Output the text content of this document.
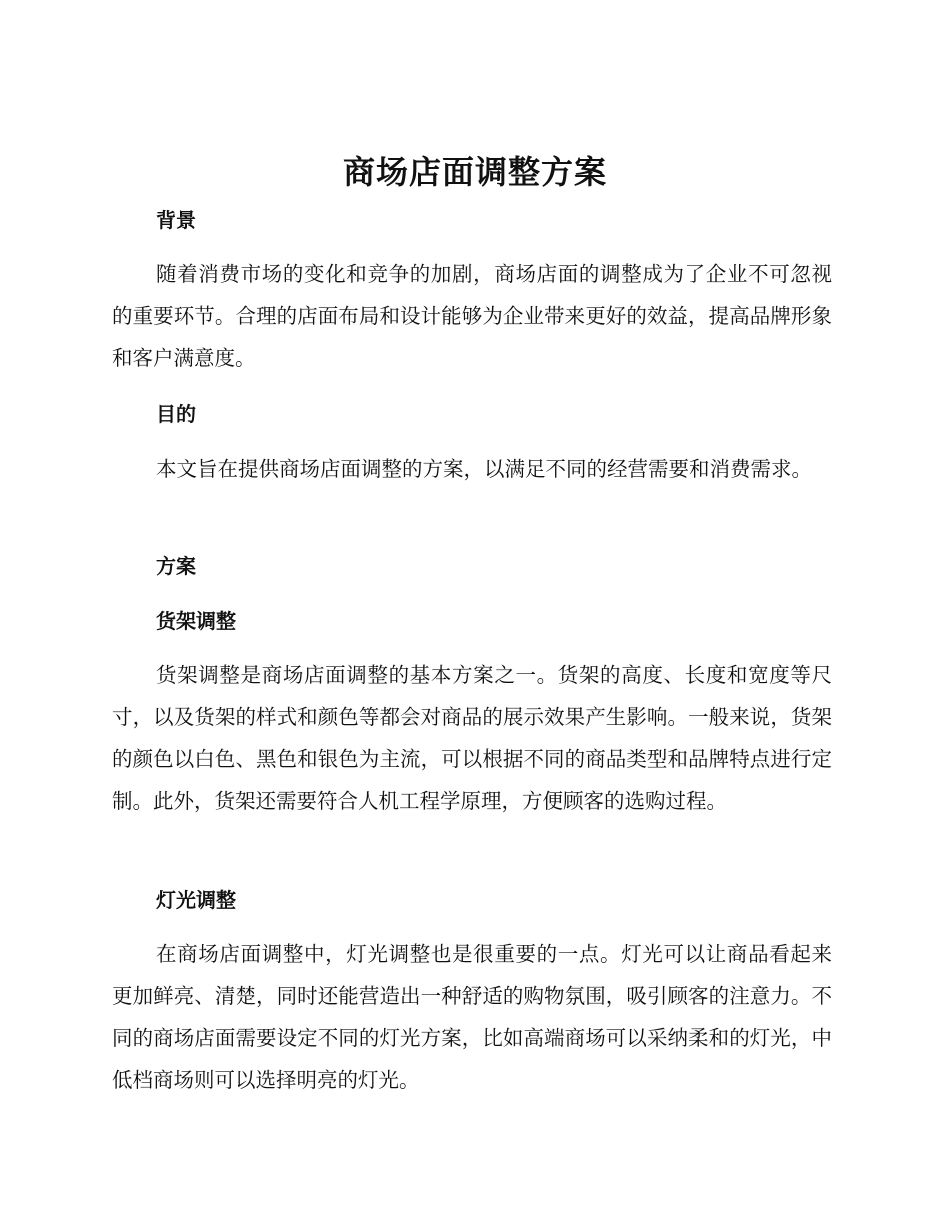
商场店面调整方案
背景
随着消费市场的变化和竞争的加剧，商场店面的调整成为了企业不可忽视的重要环节。合理的店面布局和设计能够为企业带来更好的效益，提高品牌形象和客户满意度。
目的
本文旨在提供商场店面调整的方案，以满足不同的经营需要和消费需求。
方案
货架调整
货架调整是商场店面调整的基本方案之一。货架的高度、长度和宽度等尺寸，以及货架的样式和颜色等都会对商品的展示效果产生影响。一般来说，货架的颜色以白色、黑色和银色为主流，可以根据不同的商品类型和品牌特点进行定制。此外，货架还需要符合人机工程学原理，方便顾客的选购过程。
灯光调整
在商场店面调整中，灯光调整也是很重要的一点。灯光可以让商品看起来更加鲜亮、清楚，同时还能营造出一种舒适的购物氛围，吸引顾客的注意力。不同的商场店面需要设定不同的灯光方案，比如高端商场可以采纳柔和的灯光，中低档商场则可以选择明亮的灯光。
